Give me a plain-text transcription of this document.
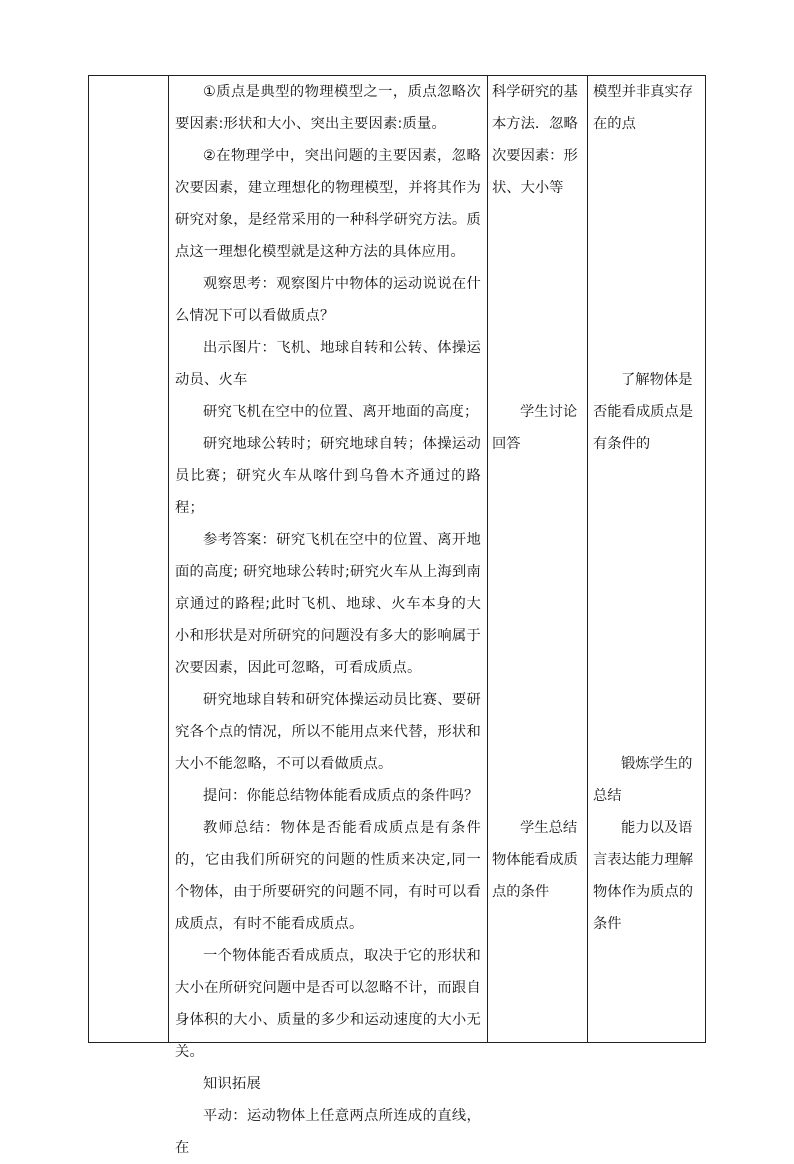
①质点是典型的物理模型之一，质点忽略次要因素:形状和大小、突出主要因素:质量。

②在物理学中，突出问题的主要因素，忽略次要因素，建立理想化的物理模型，并将其作为研究对象，是经常采用的一种科学研究方法。质点这一理想化模型就是这种方法的具体应用。

观察思考：观察图片中物体的运动说说在什么情况下可以看做质点？

出示图片：飞机、地球自转和公转、体操运动员、火车

研究飞机在空中的位置、离开地面的高度；

研究地球公转时；研究地球自转；体操运动员比赛；研究火车从喀什到乌鲁木齐通过的路程；

参考答案：研究飞机在空中的位置、离开地面的高度; 研究地球公转时;研究火车从上海到南京通过的路程;此时飞机、地球、火车本身的大小和形状是对所研究的问题没有多大的影响属于次要因素，因此可忽略，可看成质点。

研究地球自转和研究体操运动员比赛、要研究各个点的情况，所以不能用点来代替，形状和大小不能忽略，不可以看做质点。

提问：你能总结物体能看成质点的条件吗？

教师总结：物体是否能看成质点是有条件的，它由我们所研究的问题的性质来决定,同一个物体，由于所要研究的问题不同，有时可以看成质点，有时不能看成质点。

一个物体能否看成质点，取决于它的形状和大小在所研究问题中是否可以忽略不计，而跟自身体积的大小、质量的多少和运动速度的大小无关。

知识拓展

平动：运动物体上任意两点所连成的直线，在

科学研究的基本方法．忽略次要因素：形状、大小等

学生讨论回答

学生总结物体能看成质点的条件

模型并非真实存在的点

了解物体是否能看成质点是有条件的

锻炼学生的总结

能力以及语言表达能力理解物体作为质点的条件
